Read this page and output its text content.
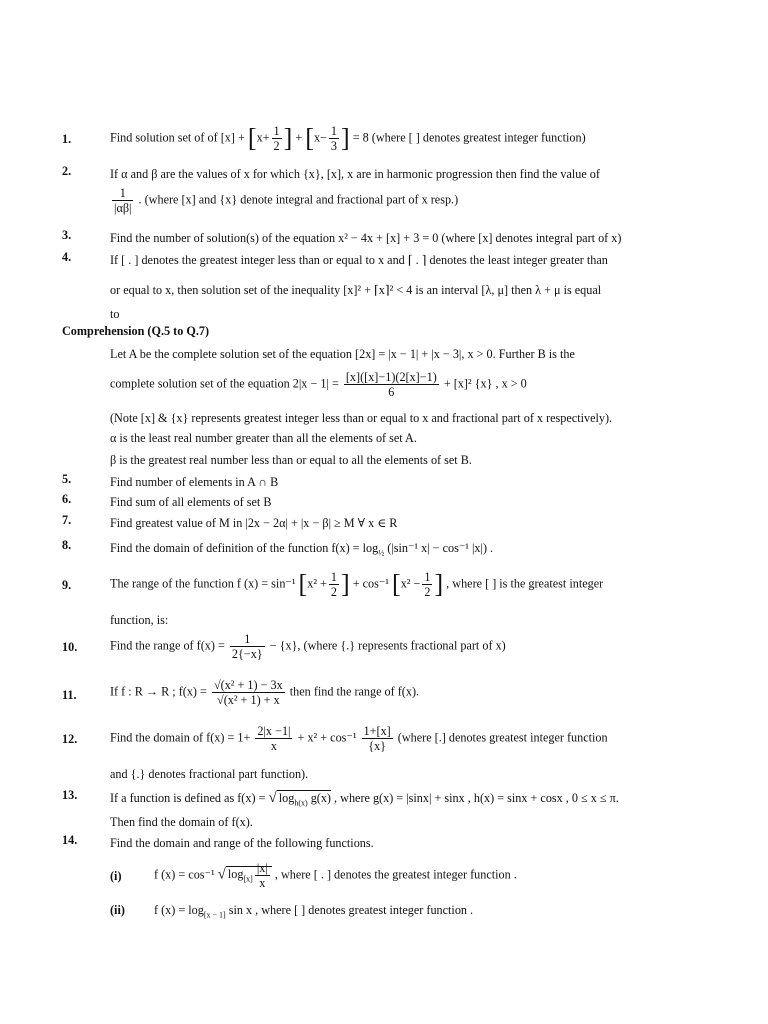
1.	Find solution set of of $[x] + [x+ \frac{1}{2}$ ] + [$x- \frac{1}{3}$ ] = 8 (where [ ] denotes greatest integer function)
2.	If α and β are the values of x for which {x}, [x], x are in harmonic progression then find the value of
$\frac{1}{|\alpha\beta|}$ . (where [x] and {x} denote integral and fractional part of x resp.)
3.	Find the number of solution(s) of the equation x² − 4x + [x] + 3 = 0 (where [x] denotes integral part of x)
4.	If [ . ] denotes the greatest integer less than or equal to x and ⌈ . ⌉ denotes the least integer greater than
or equal to x, then solution set of the inequality [x]² + ⌈x⌉² < 4 is an interval [λ, μ] then λ + μ is equal
to
Comprehension (Q.5 to Q.7)
Let A be the complete solution set of the equation [2x] = |x − 1| + |x − 3|, x > 0. Further B is the
complete solution set of the equation $2|x - 1| = \frac{[x]([x]-1)(2[x]-1)}{6} + [x]^2$ {x} , x > 0
(Note [x] & {x} represents greatest integer less than or equal to x and fractional part of x respectively).
α is the least real number greater than all the elements of set A.
β is the greatest real number less than or equal to all the elements of set B.
5.	Find number of elements in A ∩ B
6.	Find sum of all elements of set B
7.	Find greatest value of M in |2x − 2α| + |x − β| ≥ M ∀ x ∈ R
8.	Find the domain of definition of the function $f(x) = \log_{\frac{1}{2}} (|\sin^{-1}$ x| − cos⁻¹ |x|) .
9.	The range of the function f (x) = sin⁻¹ [$x^2 + \frac{1}{2}$ ] + cos⁻¹ [$x^2 - \frac{1}{2}$ ] , where [ ] is the greatest integer
function, is:
10.	Find the range of $f(x) = \frac{1}{2\{-x\}} - \{x\}$, (where {.} represents fractional part of x)
11.	If f : R → R ; $f(x) = \frac{\text{√(x² + 1) − 3x}}{\text{√(x² + 1) + x}}$ then find the range of f(x).
12.	Find the domain of $f(x) = 1+ \frac{2|x -1|}{x} + x^2 + \cos^{-1} \frac{1+[x]}{\{x\}}$ (where [.] denotes greatest integer function
and {.} denotes fractional part function).
13.	If a function is defined as f(x) = √ $\log_{h(x)} g(x)$ , where g(x) = |sinx| + sinx , h(x) = sinx + cosx , 0 ≤ x ≤ π.
Then find the domain of f(x).
14.	Find the domain and range of the following functions.
(i)	f (x) = cos⁻¹ √ $\log_{[x]} \frac{|x|}{x}$ , where [ . ] denotes the greatest integer function .
(ii) f $(x) = \log_{[x - 1]} \sin x$ , where [ ] denotes greatest integer function .
